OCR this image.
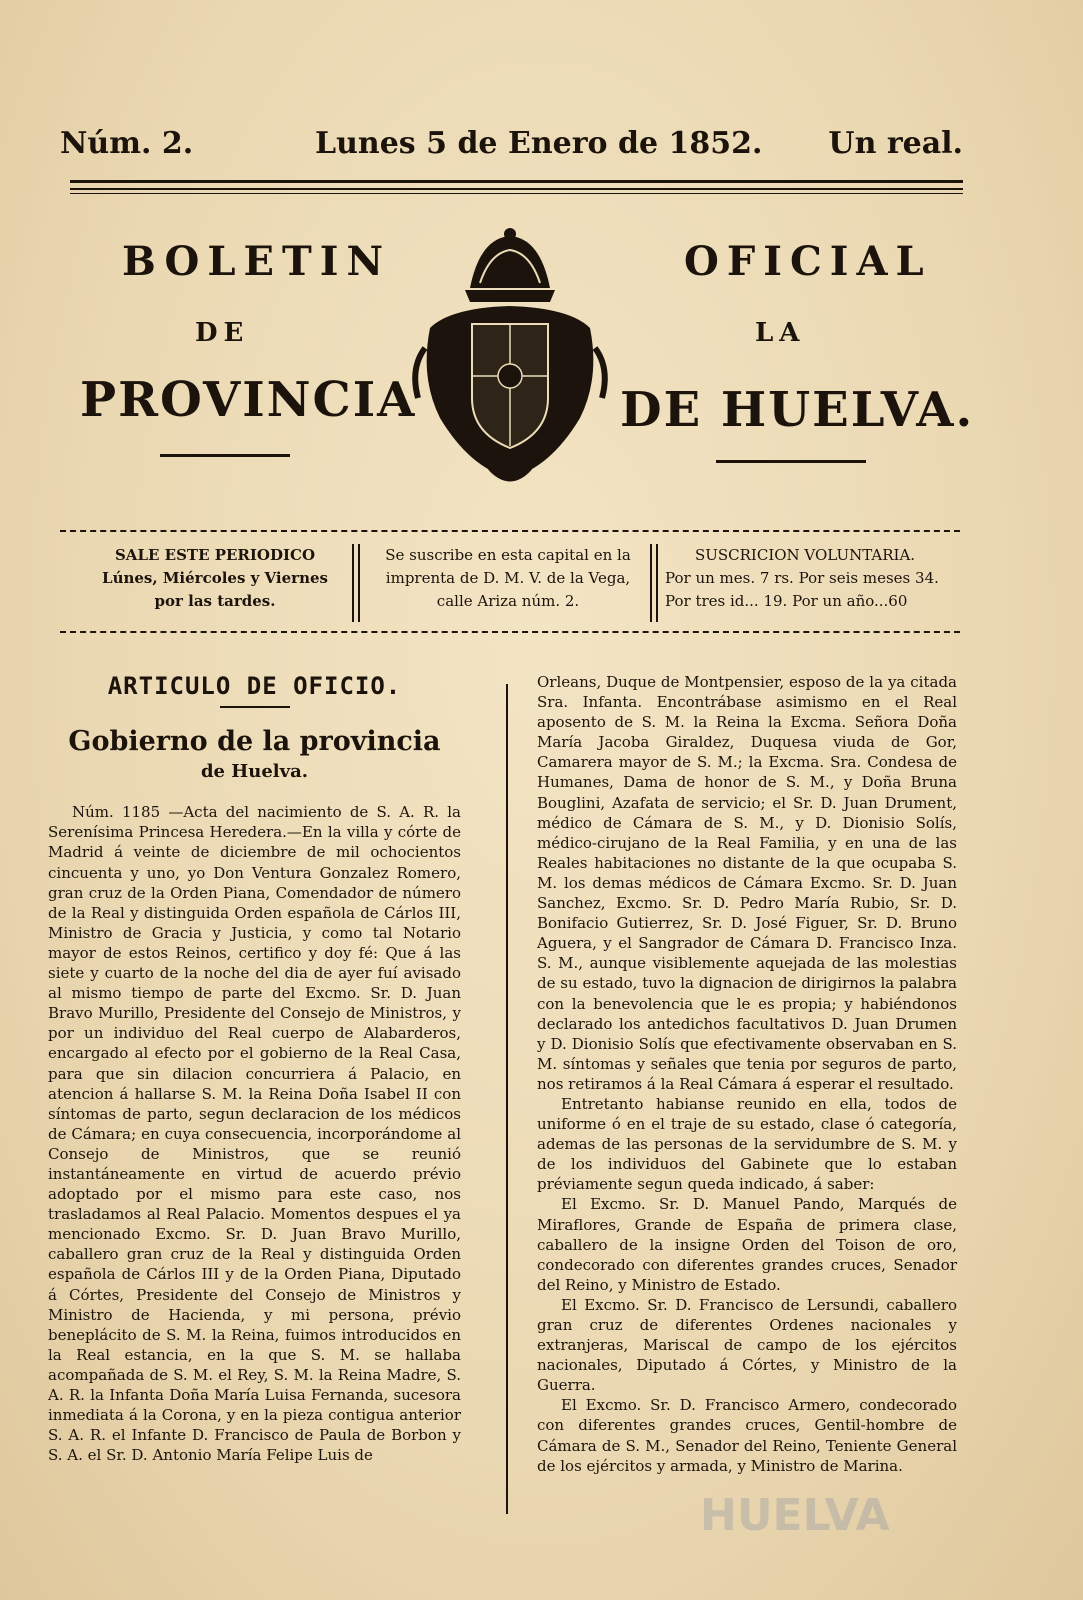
Núm. 2.	Lunes 5 de Enero de 1852. Un real.
BOLETIN	OFICIAL
DE	LA
PROVINCIA	DE HUELVA.
SALE ESTE PERIODICO
Lúnes, Miércoles y Viernes
por las tardes.
Se suscribe en esta capital en la
imprenta de D. M. V. de la Vega,
calle Ariza núm. 2.
SUSCRICION VOLUNTARIA.
Por un mes. 7 rs. Por seis meses 34.
Por tres id... 19. Por un año...60
ARTICULO DE OFICIO.
Gobierno de la provincia
de Huelva.

Núm. 1185 —Acta del nacimiento de S. A. R. la Serenísima Princesa Heredera.—En la villa y córte de Madrid á veinte de diciembre de mil ochocientos cincuenta y uno, yo Don Ventura Gonzalez Romero, gran cruz de la Orden Piana, Comendador de número de la Real y distinguida Orden española de Cárlos III, Ministro de Gracia y Justicia, y como tal Notario mayor de estos Reinos, certifico y doy fé: Que á las siete y cuarto de la noche del dia de ayer fuí avisado al mismo tiempo de parte del Excmo. Sr. D. Juan Bravo Murillo, Presidente del Consejo de Ministros, y por un individuo del Real cuerpo de Alabarderos, encargado al efecto por el gobierno de la Real Casa, para que sin dilacion concurriera á Palacio, en atencion á hallarse S. M. la Reina Doña Isabel II con síntomas de parto, segun declaracion de los médicos de Cámara; en cuya consecuencia, incorporándome al Consejo de Ministros, que se reunió instantáneamente en virtud de acuerdo prévio adoptado por el mismo para este caso, nos trasladamos al Real Palacio. Momentos despues el ya mencionado Excmo. Sr. D. Juan Bravo Murillo, caballero gran cruz de la Real y distinguida Orden española de Cárlos III y de la Orden Piana, Diputado á Córtes, Presidente del Consejo de Ministros y Ministro de Hacienda, y mi persona, prévio beneplácito de S. M. la Reina, fuimos introducidos en la Real estancia, en la que S. M. se hallaba acompañada de S. M. el Rey, S. M. la Reina Madre, S. A. R. la Infanta Doña María Luisa Fernanda, sucesora inmediata á la Corona, y en la pieza contigua anterior S. A. R. el Infante D. Francisco de Paula de Borbon y S. A. el Sr. D. Antonio María Felipe Luis de

Orleans, Duque de Montpensier, esposo de la ya citada Sra. Infanta. Encontrábase asimismo en el Real aposento de S. M. la Reina la Excma. Señora Doña María Jacoba Giraldez, Duquesa viuda de Gor, Camarera mayor de S. M.; la Excma. Sra. Condesa de Humanes, Dama de honor de S. M., y Doña Bruna Bouglini, Azafata de servicio; el Sr. D. Juan Drument, médico de Cámara de S. M., y D. Dionisio Solís, médico-cirujano de la Real Familia, y en una de las Reales habitaciones no distante de la que ocupaba S. M. los demas médicos de Cámara Excmo. Sr. D. Juan Sanchez, Excmo. Sr. D. Pedro María Rubio, Sr. D. Bonifacio Gutierrez, Sr. D. José Figuer, Sr. D. Bruno Aguera, y el Sangrador de Cámara D. Francisco Inza. S. M., aunque visiblemente aquejada de las molestias de su estado, tuvo la dignacion de dirigirnos la palabra con la benevolencia que le es propia; y habiéndonos declarado los antedichos facultativos D. Juan Drumen y D. Dionisio Solís que efectivamente observaban en S. M. síntomas y señales que tenia por seguros de parto, nos retiramos á la Real Cámara á esperar el resultado.

Entretanto habianse reunido en ella, todos de uniforme ó en el traje de su estado, clase ó categoría, ademas de las personas de la servidumbre de S. M. y de los individuos del Gabinete que lo estaban préviamente segun queda indicado, á saber:

El Excmo. Sr. D. Manuel Pando, Marqués de Miraflores, Grande de España de primera clase, caballero de la insigne Orden del Toison de oro, condecorado con diferentes grandes cruces, Senador del Reino, y Ministro de Estado.

El Excmo. Sr. D. Francisco de Lersundi, caballero gran cruz de diferentes Ordenes nacionales y extranjeras, Mariscal de campo de los ejércitos nacionales, Diputado á Córtes, y Ministro de la Guerra.

El Excmo. Sr. D. Francisco Armero, condecorado con diferentes grandes cruces, Gentil-hombre de Cámara de S. M., Senador del Reino, Teniente General de los ejércitos y armada, y Ministro de Marina.

HUELVA
